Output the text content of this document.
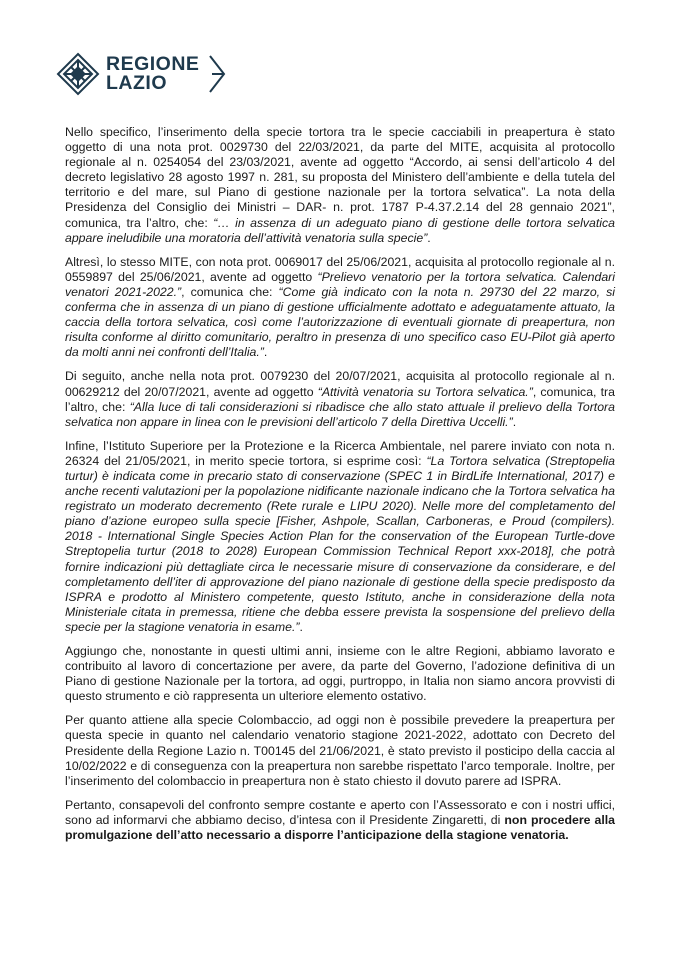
REGIONE
LAZIO

Nello specifico, l’inserimento della specie tortora tra le specie cacciabili in preapertura è stato oggetto di una nota prot. 0029730 del 22/03/2021, da parte del MITE, acquisita al protocollo regionale al n. 0254054 del 23/03/2021, avente ad oggetto “Accordo, ai sensi dell’articolo 4 del decreto legislativo 28 agosto 1997 n. 281, su proposta del Ministero dell’ambiente e della tutela del territorio e del mare, sul Piano di gestione nazionale per la tortora selvatica”. La nota della Presidenza del Consiglio dei Ministri – DAR- n. prot. 1787 P-4.37.2.14 del 28 gennaio 2021”, comunica, tra l’altro, che: “… in assenza di un adeguato piano di gestione delle tortora selvatica appare ineludibile una moratoria dell’attività venatoria sulla specie”.

Altresì, lo stesso MITE, con nota prot. 0069017 del 25/06/2021, acquisita al protocollo regionale al n. 0559897 del 25/06/2021, avente ad oggetto “Prelievo venatorio per la tortora selvatica. Calendari venatori 2021-2022.”, comunica che: “Come già indicato con la nota n. 29730 del 22 marzo, si conferma che in assenza di un piano di gestione ufficialmente adottato e adeguatamente attuato, la caccia della tortora selvatica, così come l’autorizzazione di eventuali giornate di preapertura, non risulta conforme al diritto comunitario, peraltro in presenza di uno specifico caso EU-Pilot già aperto da molti anni nei confronti dell’Italia.”.

Di seguito, anche nella nota prot. 0079230 del 20/07/2021, acquisita al protocollo regionale al n. 00629212 del 20/07/2021, avente ad oggetto “Attività venatoria su Tortora selvatica.”, comunica, tra l’altro, che: “Alla luce di tali considerazioni si ribadisce che allo stato attuale il prelievo della Tortora selvatica non appare in linea con le previsioni dell’articolo 7 della Direttiva Uccelli.”.

Infine, l’Istituto Superiore per la Protezione e la Ricerca Ambientale, nel parere inviato con nota n. 26324 del 21/05/2021, in merito specie tortora, si esprime così: “La Tortora selvatica (Streptopelia turtur) è indicata come in precario stato di conservazione (SPEC 1 in BirdLife International, 2017) e anche recenti valutazioni per la popolazione nidificante nazionale indicano che la Tortora selvatica ha registrato un moderato decremento (Rete rurale e LIPU 2020). Nelle more del completamento del piano d’azione europeo sulla specie [Fisher, Ashpole, Scallan, Carboneras, e Proud (compilers). 2018 - International Single Species Action Plan for the conservation of the European Turtle-dove Streptopelia turtur (2018 to 2028) European Commission Technical Report xxx-2018], che potrà fornire indicazioni più dettagliate circa le necessarie misure di conservazione da considerare, e del completamento dell’iter di approvazione del piano nazionale di gestione della specie predisposto da ISPRA e prodotto al Ministero competente, questo Istituto, anche in considerazione della nota Ministeriale citata in premessa, ritiene che debba essere prevista la sospensione del prelievo della specie per la stagione venatoria in esame.”.

Aggiungo che, nonostante in questi ultimi anni, insieme con le altre Regioni, abbiamo lavorato e contribuito al lavoro di concertazione per avere, da parte del Governo, l’adozione definitiva di un Piano di gestione Nazionale per la tortora, ad oggi, purtroppo, in Italia non siamo ancora provvisti di questo strumento e ciò rappresenta un ulteriore elemento ostativo.

Per quanto attiene alla specie Colombaccio, ad oggi non è possibile prevedere la preapertura per questa specie in quanto nel calendario venatorio stagione 2021-2022, adottato con Decreto del Presidente della Regione Lazio n. T00145 del 21/06/2021, è stato previsto il posticipo della caccia al 10/02/2022 e di conseguenza con la preapertura non sarebbe rispettato l’arco temporale. Inoltre, per l’inserimento del colombaccio in preapertura non è stato chiesto il dovuto parere ad ISPRA.

Pertanto, consapevoli del confronto sempre costante e aperto con l’Assessorato e con i nostri uffici, sono ad informarvi che abbiamo deciso, d’intesa con il Presidente Zingaretti, di non procedere alla promulgazione dell’atto necessario a disporre l’anticipazione della stagione venatoria.
